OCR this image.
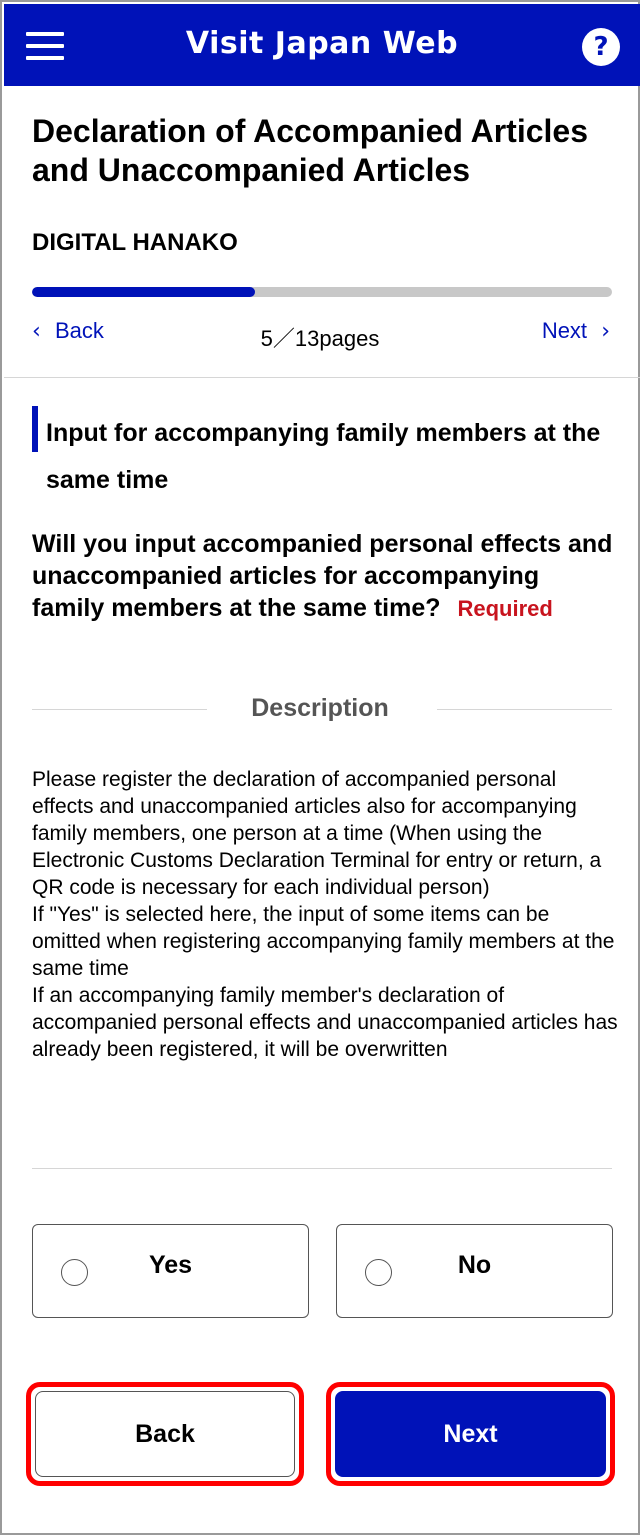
Visit Japan Web	?
Declaration of Accompanied Articles and Unaccompanied Articles
DIGITAL HANAKO
‹ Back	5／13pages	Next ›
Input for accompanying family members at the same time
Will you input accompanied personal effects and unaccompanied articles for accompanying family members at the same time? Required
Description

Please register the declaration of accompanied personal effects and unaccompanied articles also for accompanying family members, one person at a time (When using the Electronic Customs Declaration Terminal for entry or return, a QR code is necessary for each individual person)

If "Yes" is selected here, the input of some items can be omitted when registering accompanying family members at the same time

If an accompanying family member's declaration of accompanied personal effects and unaccompanied articles has already been registered, it will be overwritten

Yes	No
Back	Next
